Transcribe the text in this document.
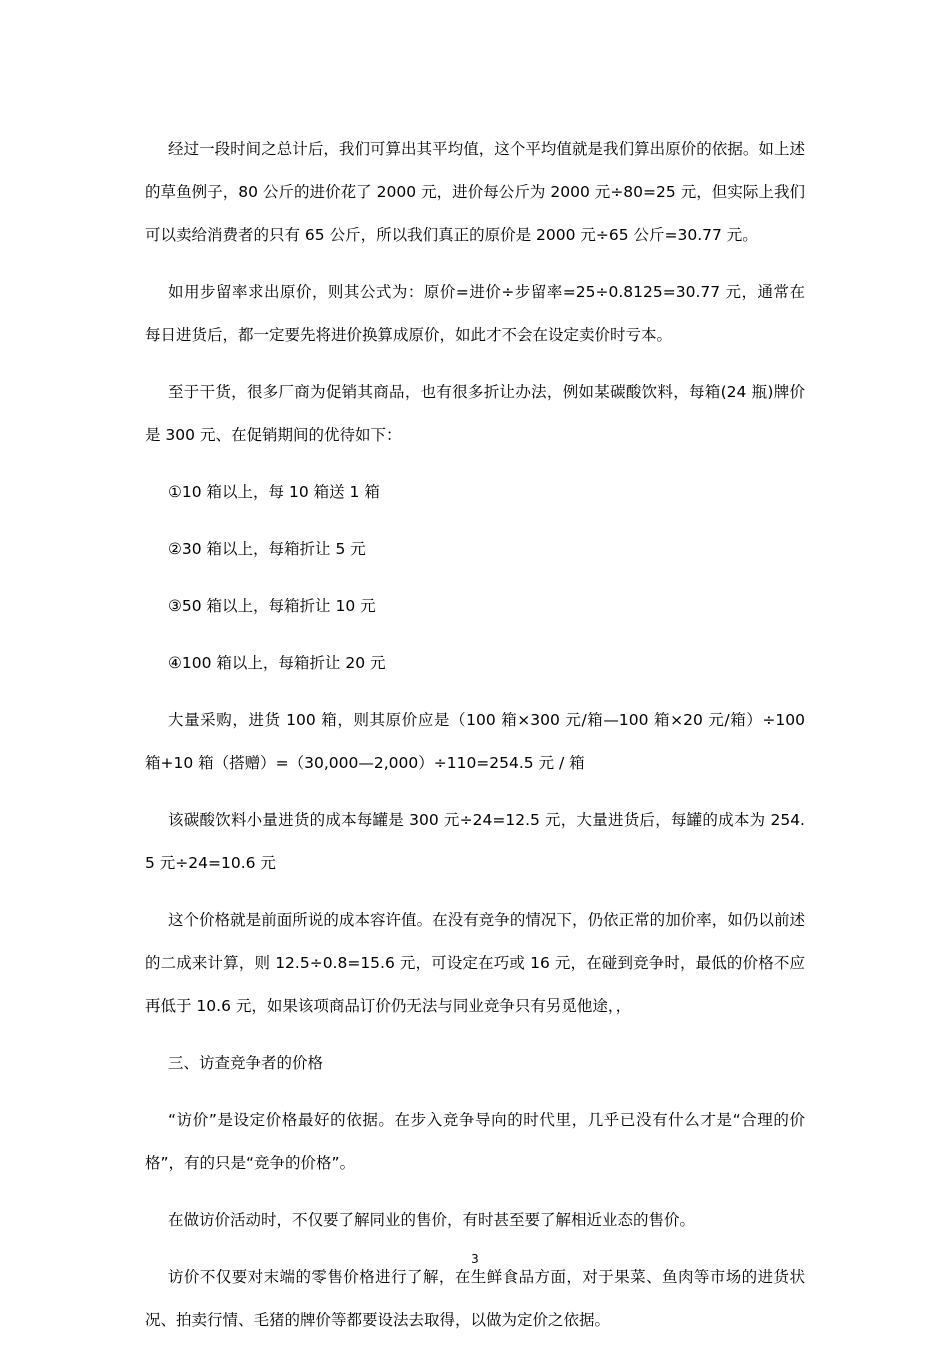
经过一段时间之总计后，我们可算出其平均值，这个平均值就是我们算出原价的依据。如上述的草鱼例子，80 公斤的进价花了 2000 元，进价每公斤为 2000 元÷80=25 元，但实际上我们可以卖给消费者的只有 65 公斤，所以我们真正的原价是 2000 元÷65 公斤=30.77 元。

如用步留率求出原价，则其公式为：原价=进价÷步留率=25÷0.8125=30.77 元，通常在每日进货后，都一定要先将进价换算成原价，如此才不会在设定卖价时亏本。

至于干货，很多厂商为促销其商品，也有很多折让办法，例如某碳酸饮料，每箱(24 瓶)牌价是 300 元、在促销期间的优待如下：

①10 箱以上，每 10 箱送 1 箱

②30 箱以上，每箱折让 5 元

③50 箱以上，每箱折让 10 元

④100 箱以上，每箱折让 20 元

大量采购，进货 100 箱，则其原价应是（100 箱×300 元/箱—100 箱×20 元/箱）÷100 箱+10 箱（搭赠）=（30,000—2,000）÷110=254.5 元 / 箱

该碳酸饮料小量进货的成本每罐是 300 元÷24=12.5 元，大量进货后，每罐的成本为 254.5 元÷24=10.6 元

这个价格就是前面所说的成本容许值。在没有竞争的情况下，仍依正常的加价率，如仍以前述的二成来计算，则 12.5÷0.8=15.6 元，可设定在巧或 16 元，在碰到竞争时，最低的价格不应再低于 10.6 元，如果该项商品订价仍无法与同业竞争只有另觅他途，，

三、访查竞争者的价格

“访价”是设定价格最好的依据。在步入竞争导向的时代里，几乎已没有什么才是“合理的价格”，有的只是“竞争的价格”。

在做访价活动时，不仅要了解同业的售价，有时甚至要了解相近业态的售价。

访价不仅要对末端的零售价格进行了解，在生鲜食品方面，对于果菜、鱼肉等市场的进货状况、拍卖行情、毛猪的牌价等都要设法去取得，以做为定价之依据。

3
